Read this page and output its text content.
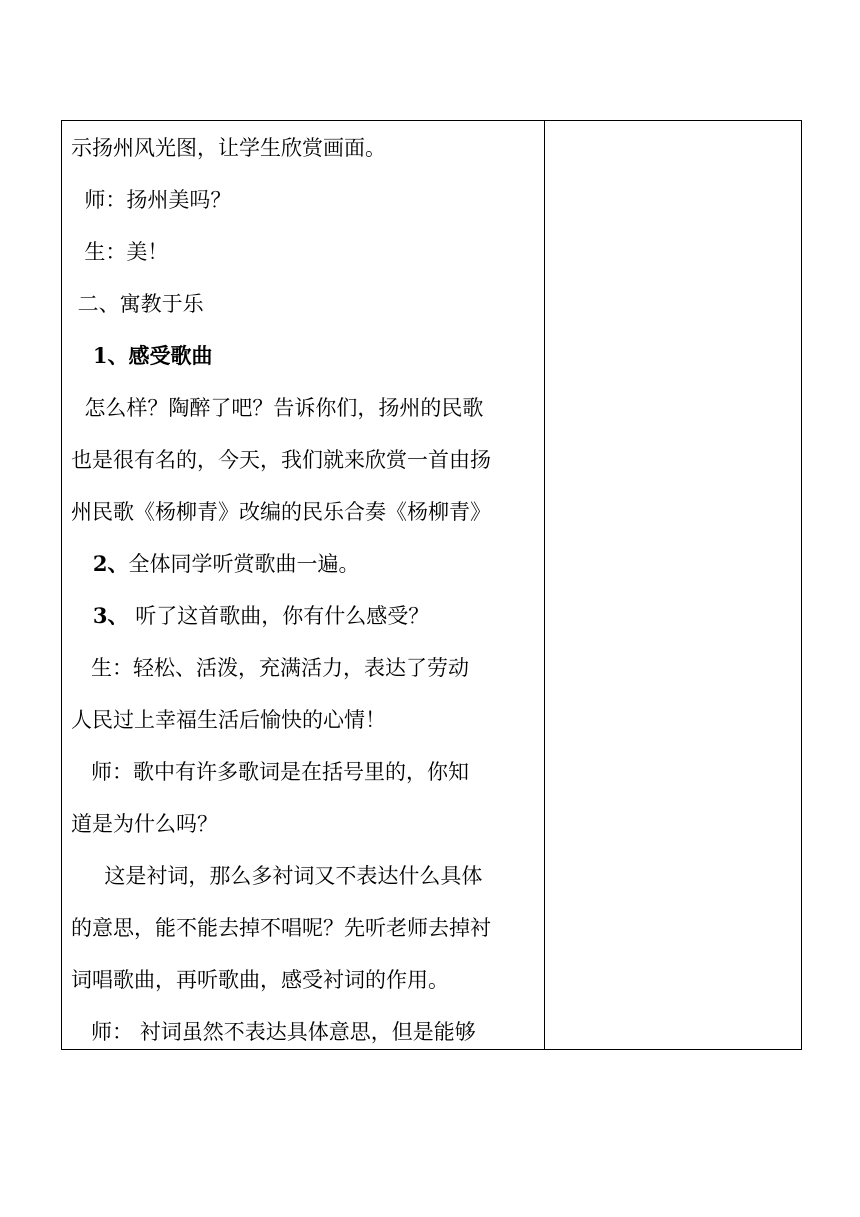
示扬州风光图，让学生欣赏画面。
师：扬州美吗？
生：美！
二、寓教于乐
1、感受歌曲
怎么样？陶醉了吧？告诉你们，扬州的民歌
也是很有名的，今天，我们就来欣赏一首由扬
州民歌《杨柳青》改编的民乐合奏《杨柳青》
2、全体同学听赏歌曲一遍。
3、 听了这首歌曲，你有什么感受？
生：轻松、活泼，充满活力，表达了劳动
人民过上幸福生活后愉快的心情！
师：歌中有许多歌词是在括号里的，你知
道是为什么吗？
这是衬词，那么多衬词又不表达什么具体
的意思，能不能去掉不唱呢？先听老师去掉衬
词唱歌曲，再听歌曲，感受衬词的作用。
师： 衬词虽然不表达具体意思，但是能够
